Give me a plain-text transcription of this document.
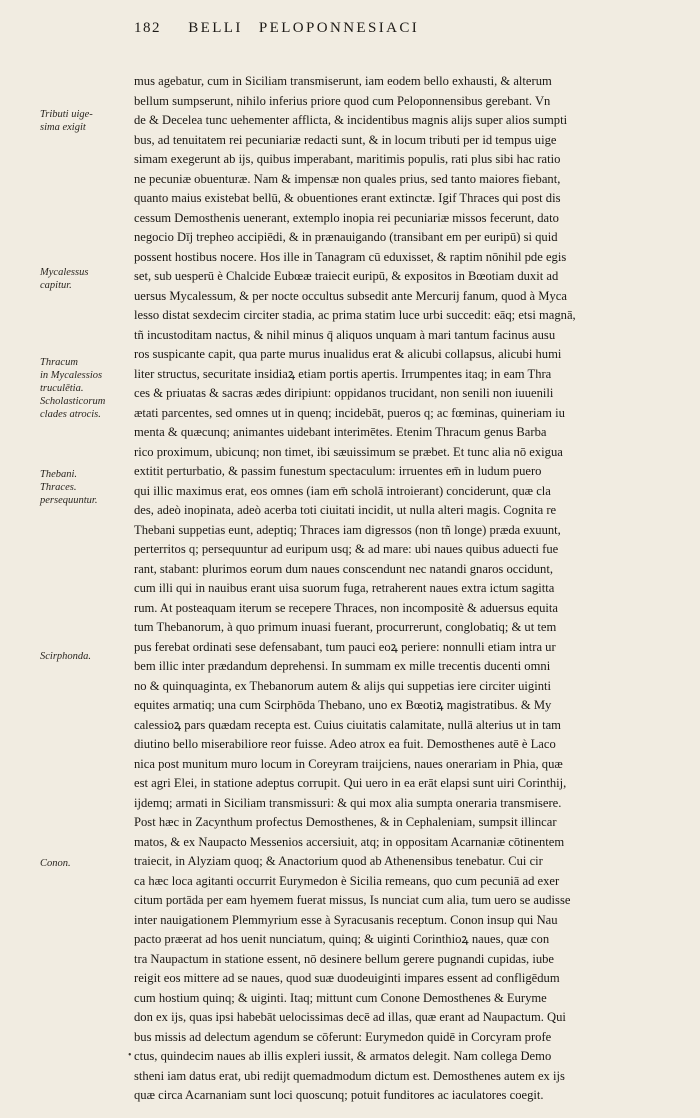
182 BELLI PELOPONNESIACI
Tributi uige-
sima exigit
Mycalessus
capitur.
Thracum
in Mycalessios
truculētia.
Scholasticorum
clades atrocis.
Thebani.
Thraces.
persequuntur.
Scirphonda.
Conon.
mus agebatur, cum in Siciliam transmiserunt, iam eodem bello exhausti, & alterum
bellum sumpserunt, nihilo inferius priore quod cum Peloponnensibus gerebant. Vn
de & Decelea tunc uehementer afflicta, & incidentibus magnis alijs super alios sumpti
bus, ad tenuitatem rei pecuniariæ redacti sunt, & in locum tributi per id tempus uige
simam exegerunt ab ijs, quibus imperabant, maritimis populis, rati plus sibi hac ratio
ne pecuniæ obuenturæ. Nam & impensæ non quales prius, sed tanto maiores fiebant,
quanto maius existebat bellū, & obuentiones erant extinctæ. Igif Thraces qui post dis
cessum Demosthenis uenerant, extemplo inopia rei pecuniariæ missos fecerunt, dato
negocio Dīj trepheo accipiēdi, & in prænauigando (transibant em per euripū) si quid
possent hostibus nocere. Hos ille in Tanagram cū eduxisset, & raptim nōnihil pde egis
set, sub uesperū è Chalcide Eubœæ traiecit euripū, & expositos in Bœotiam duxit ad
uersus Mycalessum, & per nocte occultus subsedit ante Mercurij fanum, quod à Myca
lesso distat sexdecim circiter stadia, ac prima statim luce urbi succedit: eāq; etsi magnā,
tñ incustoditam nactus, & nihil minus q̄ aliquos unquam à mari tantum facinus ausu
ros suspicante capit, qua parte murus inualidus erat & alicubi collapsus, alicubi humi
liter structus, securitate insidiaꝝ etiam portis apertis. Irrumpentes itaq; in eam Thra
ces & priuatas & sacras ædes diripiunt: oppidanos trucidant, non senili non iuuenili
ætati parcentes, sed omnes ut in quenq; incidebāt, pueros q; ac fœminas, quineriam iu
menta & quæcunq; animantes uidebant interimētes. Etenim Thracum genus Barba
rico proximum, ubicunq; non timet, ibi sæuissimum se præbet. Et tunc alia nō exigua
extitit perturbatio, & passim funestum spectaculum: irruentes em̄ in ludum puero
qui illic maximus erat, eos omnes (iam em̄ scholā introierant) conciderunt, quæ cla
des, adeò inopinata, adeò acerba toti ciuitati incidit, ut nulla alteri magis. Cognita re
Thebani suppetias eunt, adeptiq; Thraces iam digressos (non tñ longe) præda exuunt,
perterritos q; persequuntur ad euripum usq; & ad mare: ubi naues quibus aduecti fue
rant, stabant: plurimos eorum dum naues conscendunt nec natandi gnaros occidunt,
cum illi qui in nauibus erant uisa suorum fuga, retraherent naues extra ictum sagitta
rum. At posteaquam iterum se recepere Thraces, non incompositè & aduersus equita
tum Thebanorum, à quo primum inuasi fuerant, procurrerunt, conglobatiq; & ut tem
pus ferebat ordinati sese defensabant, tum pauci eoꝝ periere: nonnulli etiam intra ur
bem illic inter prædandum deprehensi. In summam ex mille trecentis ducenti omni
no & quinquaginta, ex Thebanorum autem & alijs qui suppetias iere circiter uiginti
equites armatiq; una cum Scirphōda Thebano, uno ex Bœotiꝝ magistratibus. & My
calessioꝝ pars quædam recepta est. Cuius ciuitatis calamitate, nullā alterius ut in tam
diutino bello miserabiliore reor fuisse. Adeo atrox ea fuit. Demosthenes autē è Laco
nica post munitum muro locum in Coreyram traijciens, naues onerariam in Phia, quæ
est agri Elei, in statione adeptus corrupit. Qui uero in ea erāt elapsi sunt uiri Corinthij,
ijdemq; armati in Siciliam transmissuri: & qui mox alia sumpta oneraria transmisere.
Post hæc in Zacynthum profectus Demosthenes, & in Cephaleniam, sumpsit illincar
matos, & ex Naupacto Messenios accersiuit, atq; in oppositam Acarnaniæ cōtinentem
traiecit, in Alyziam quoq; & Anactorium quod ab Athenensibus tenebatur. Cui cir
ca hæc loca agitanti occurrit Eurymedon è Sicilia remeans, quo cum pecuniā ad exer
citum portāda per eam hyemem fuerat missus, Is nunciat cum alia, tum uero se audisse
inter nauigationem Plemmyrium esse à Syracusanis receptum. Conon insup qui Nau
pacto præerat ad hos uenit nunciatum, quinq; & uiginti Corinthioꝝ naues, quæ con
tra Naupactum in statione essent, nō desinere bellum gerere pugnandi cupidas, iube
reigit eos mittere ad se naues, quod suæ duodeuiginti impares essent ad confligēdum
cum hostium quinq; & uiginti. Itaq; mittunt cum Conone Demosthenes & Euryme
don ex ijs, quas ipsi habebāt uelocissimas decē ad illas, quæ erant ad Naupactum. Qui
bus missis ad delectum agendum se cōferunt: Eurymedon quidē in Corcyram profe
ctus, quindecim naues ab illis expleri iussit, & armatos delegit. Nam collega Demo
stheni iam datus erat, ubi redijt quemadmodum dictum est. Demosthenes autem ex ijs
quæ circa Acarnaniam sunt loci quoscunq; potuit funditores ac iaculatores coegit.
•
